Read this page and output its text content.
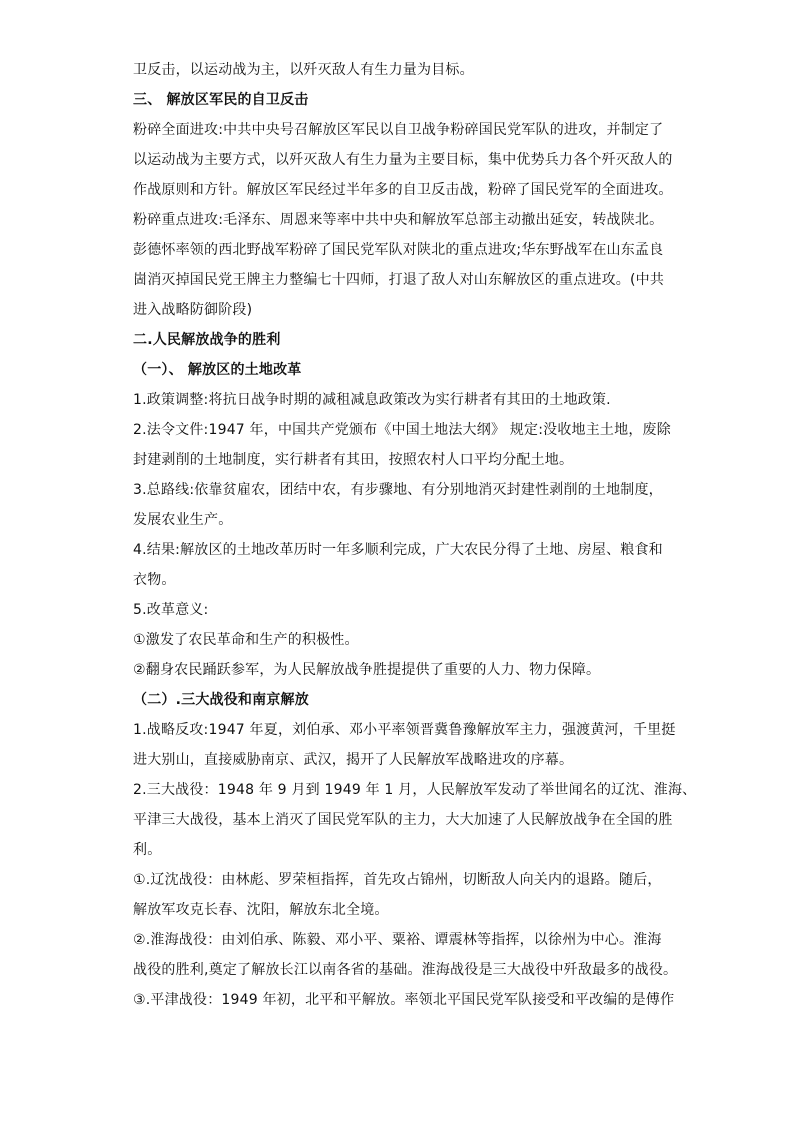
卫反击，以运动战为主，以歼灭敌人有生力量为目标。
三、 解放区军民的自卫反击
粉碎全面进攻:中共中央号召解放区军民以自卫战争粉碎国民党军队的进攻，并制定了
以运动战为主要方式，以歼灭敌人有生力量为主要目标，集中优势兵力各个歼灭敌人的
作战原则和方针。解放区军民经过半年多的自卫反击战，粉碎了国民党军的全面进攻。
粉碎重点进攻:毛泽东、周恩来等率中共中央和解放军总部主动撤出延安，转战陕北。
彭德怀率领的西北野战军粉碎了国民党军队对陕北的重点进攻;华东野战军在山东孟良
崮消灭掉国民党王牌主力整编七十四师，打退了敌人对山东解放区的重点进攻。(中共
进入战略防御阶段)
二.人民解放战争的胜利
（一）、 解放区的土地改革
1.政策调整:将抗日战争时期的减租减息政策改为实行耕者有其田的土地政策.
2.法令文件:1947 年，中国共产党颁布《中国土地法大纲》 规定:没收地主土地，废除
封建剥削的土地制度，实行耕者有其田，按照农村人口平均分配土地。
3.总路线:依靠贫雇农，团结中农，有步骤地、有分别地消灭封建性剥削的土地制度，
发展农业生产。
4.结果:解放区的土地改革历时一年多顺利完成，广大农民分得了土地、房屋、粮食和
衣物。
5.改革意义:
①激发了农民革命和生产的积极性。
②翻身农民踊跃参军，为人民解放战争胜提提供了重要的人力、物力保障。
（二）.三大战役和南京解放
1.战略反攻:1947 年夏，刘伯承、邓小平率领晋冀鲁豫解放军主力，强渡黄河，千里挺
进大别山，直接威胁南京、武汉，揭开了人民解放军战略进攻的序幕。
2.三大战役：1948 年 9 月到 1949 年 1 月，人民解放军发动了举世闻名的辽沈、淮海、
平津三大战役，基本上消灭了国民党军队的主力，大大加速了人民解放战争在全国的胜
利。
①.辽沈战役：由林彪、罗荣桓指挥，首先攻占锦州，切断敌人向关内的退路。随后，
解放军攻克长春、沈阳，解放东北全境。
②.淮海战役：由刘伯承、陈毅、邓小平、粟裕、谭震林等指挥，以徐州为中心。淮海
战役的胜利,奠定了解放长江以南各省的基础。淮海战役是三大战役中歼敌最多的战役。
③.平津战役：1949 年初，北平和平解放。率领北平国民党军队接受和平改编的是傅作
